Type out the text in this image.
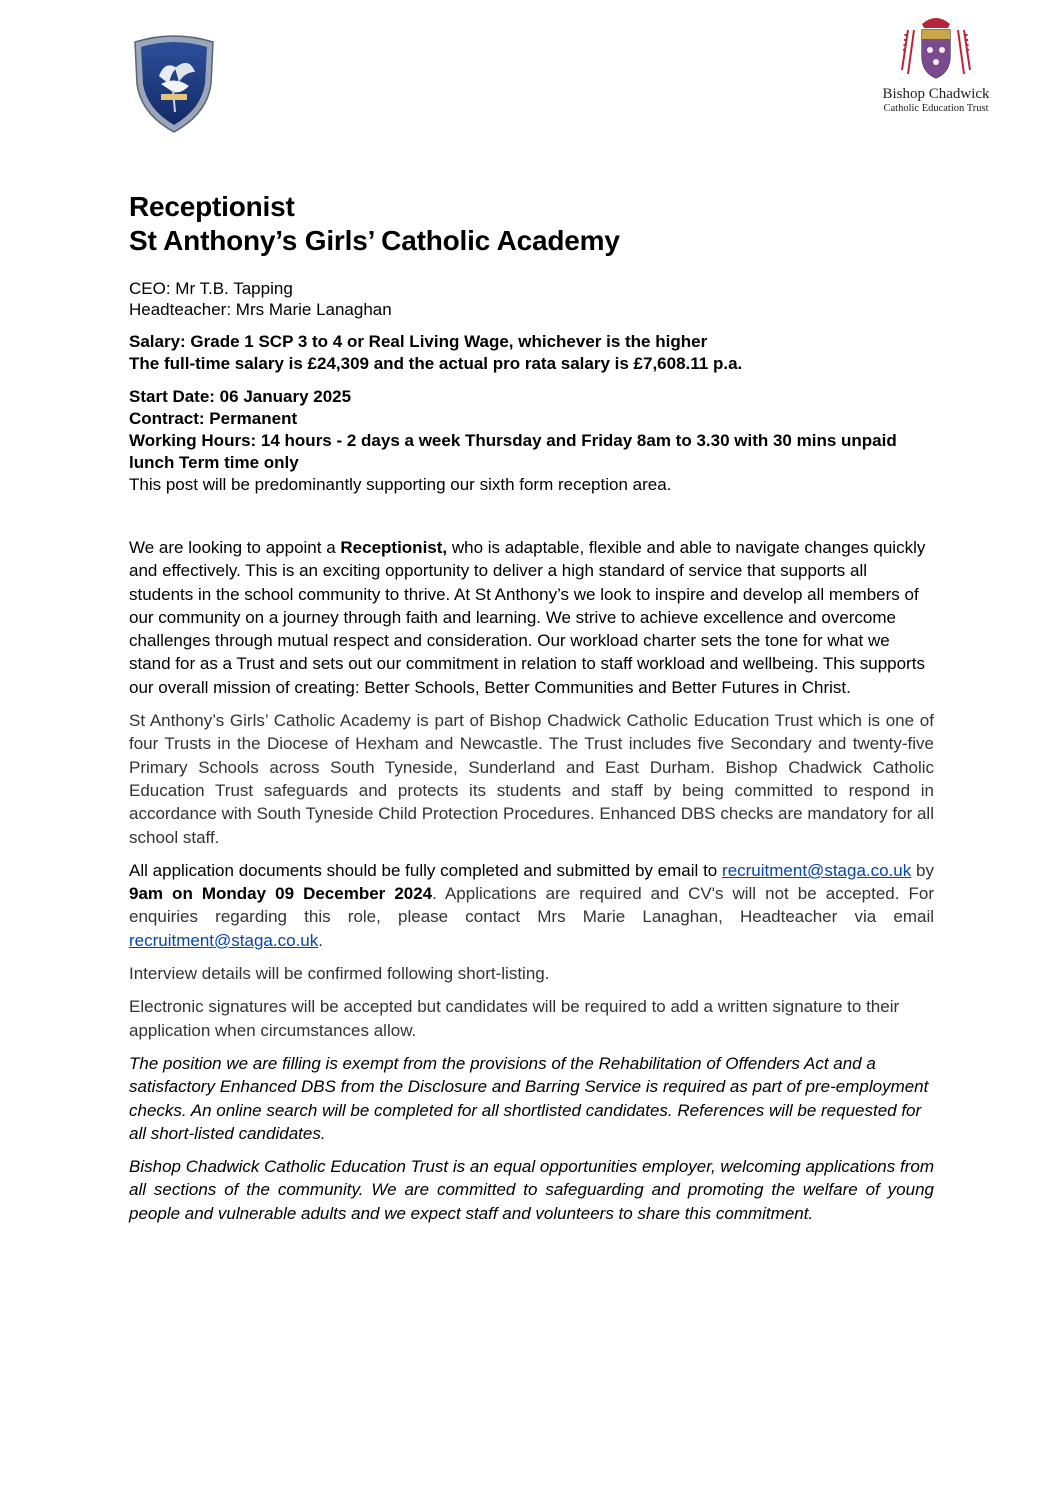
Bishop Chadwick
Catholic Education Trust
Receptionist
St Anthony’s Girls’ Catholic Academy
CEO: Mr T.B. Tapping
Headteacher: Mrs Marie Lanaghan
Salary: Grade 1 SCP 3 to 4 or Real Living Wage, whichever is the higher
The full-time salary is £24,309 and the actual pro rata salary is £7,608.11 p.a.
Start Date: 06 January 2025
Contract: Permanent
Working Hours: 14 hours - 2 days a week Thursday and Friday 8am to 3.30 with 30 mins unpaid lunch Term time only
This post will be predominantly supporting our sixth form reception area.

We are looking to appoint a Receptionist, who is adaptable, flexible and able to navigate changes quickly and effectively. This is an exciting opportunity to deliver a high standard of service that supports all students in the school community to thrive. At St Anthony’s we look to inspire and develop all members of our community on a journey through faith and learning. We strive to achieve excellence and overcome challenges through mutual respect and consideration. Our workload charter sets the tone for what we stand for as a Trust and sets out our commitment in relation to staff workload and wellbeing. This supports our overall mission of creating: Better Schools, Better Communities and Better Futures in Christ.

St Anthony’s Girls’ Catholic Academy is part of Bishop Chadwick Catholic Education Trust which is one of four Trusts in the Diocese of Hexham and Newcastle. The Trust includes five Secondary and twenty-five Primary Schools across South Tyneside, Sunderland and East Durham. Bishop Chadwick Catholic Education Trust safeguards and protects its students and staff by being committed to respond in accordance with South Tyneside Child Protection Procedures. Enhanced DBS checks are mandatory for all school staff.

All application documents should be fully completed and submitted by email to recruitment@staga.co.uk by 9am on Monday 09 December 2024. Applications are required and CV's will not be accepted. For enquiries regarding this role, please contact Mrs Marie Lanaghan, Headteacher via email recruitment@staga.co.uk.

Interview details will be confirmed following short-listing.

Electronic signatures will be accepted but candidates will be required to add a written signature to their application when circumstances allow.

The position we are filling is exempt from the provisions of the Rehabilitation of Offenders Act and a satisfactory Enhanced DBS from the Disclosure and Barring Service is required as part of pre-employment checks. An online search will be completed for all shortlisted candidates. References will be requested for all short-listed candidates.

Bishop Chadwick Catholic Education Trust is an equal opportunities employer, welcoming applications from all sections of the community. We are committed to safeguarding and promoting the welfare of young people and vulnerable adults and we expect staff and volunteers to share this commitment.
